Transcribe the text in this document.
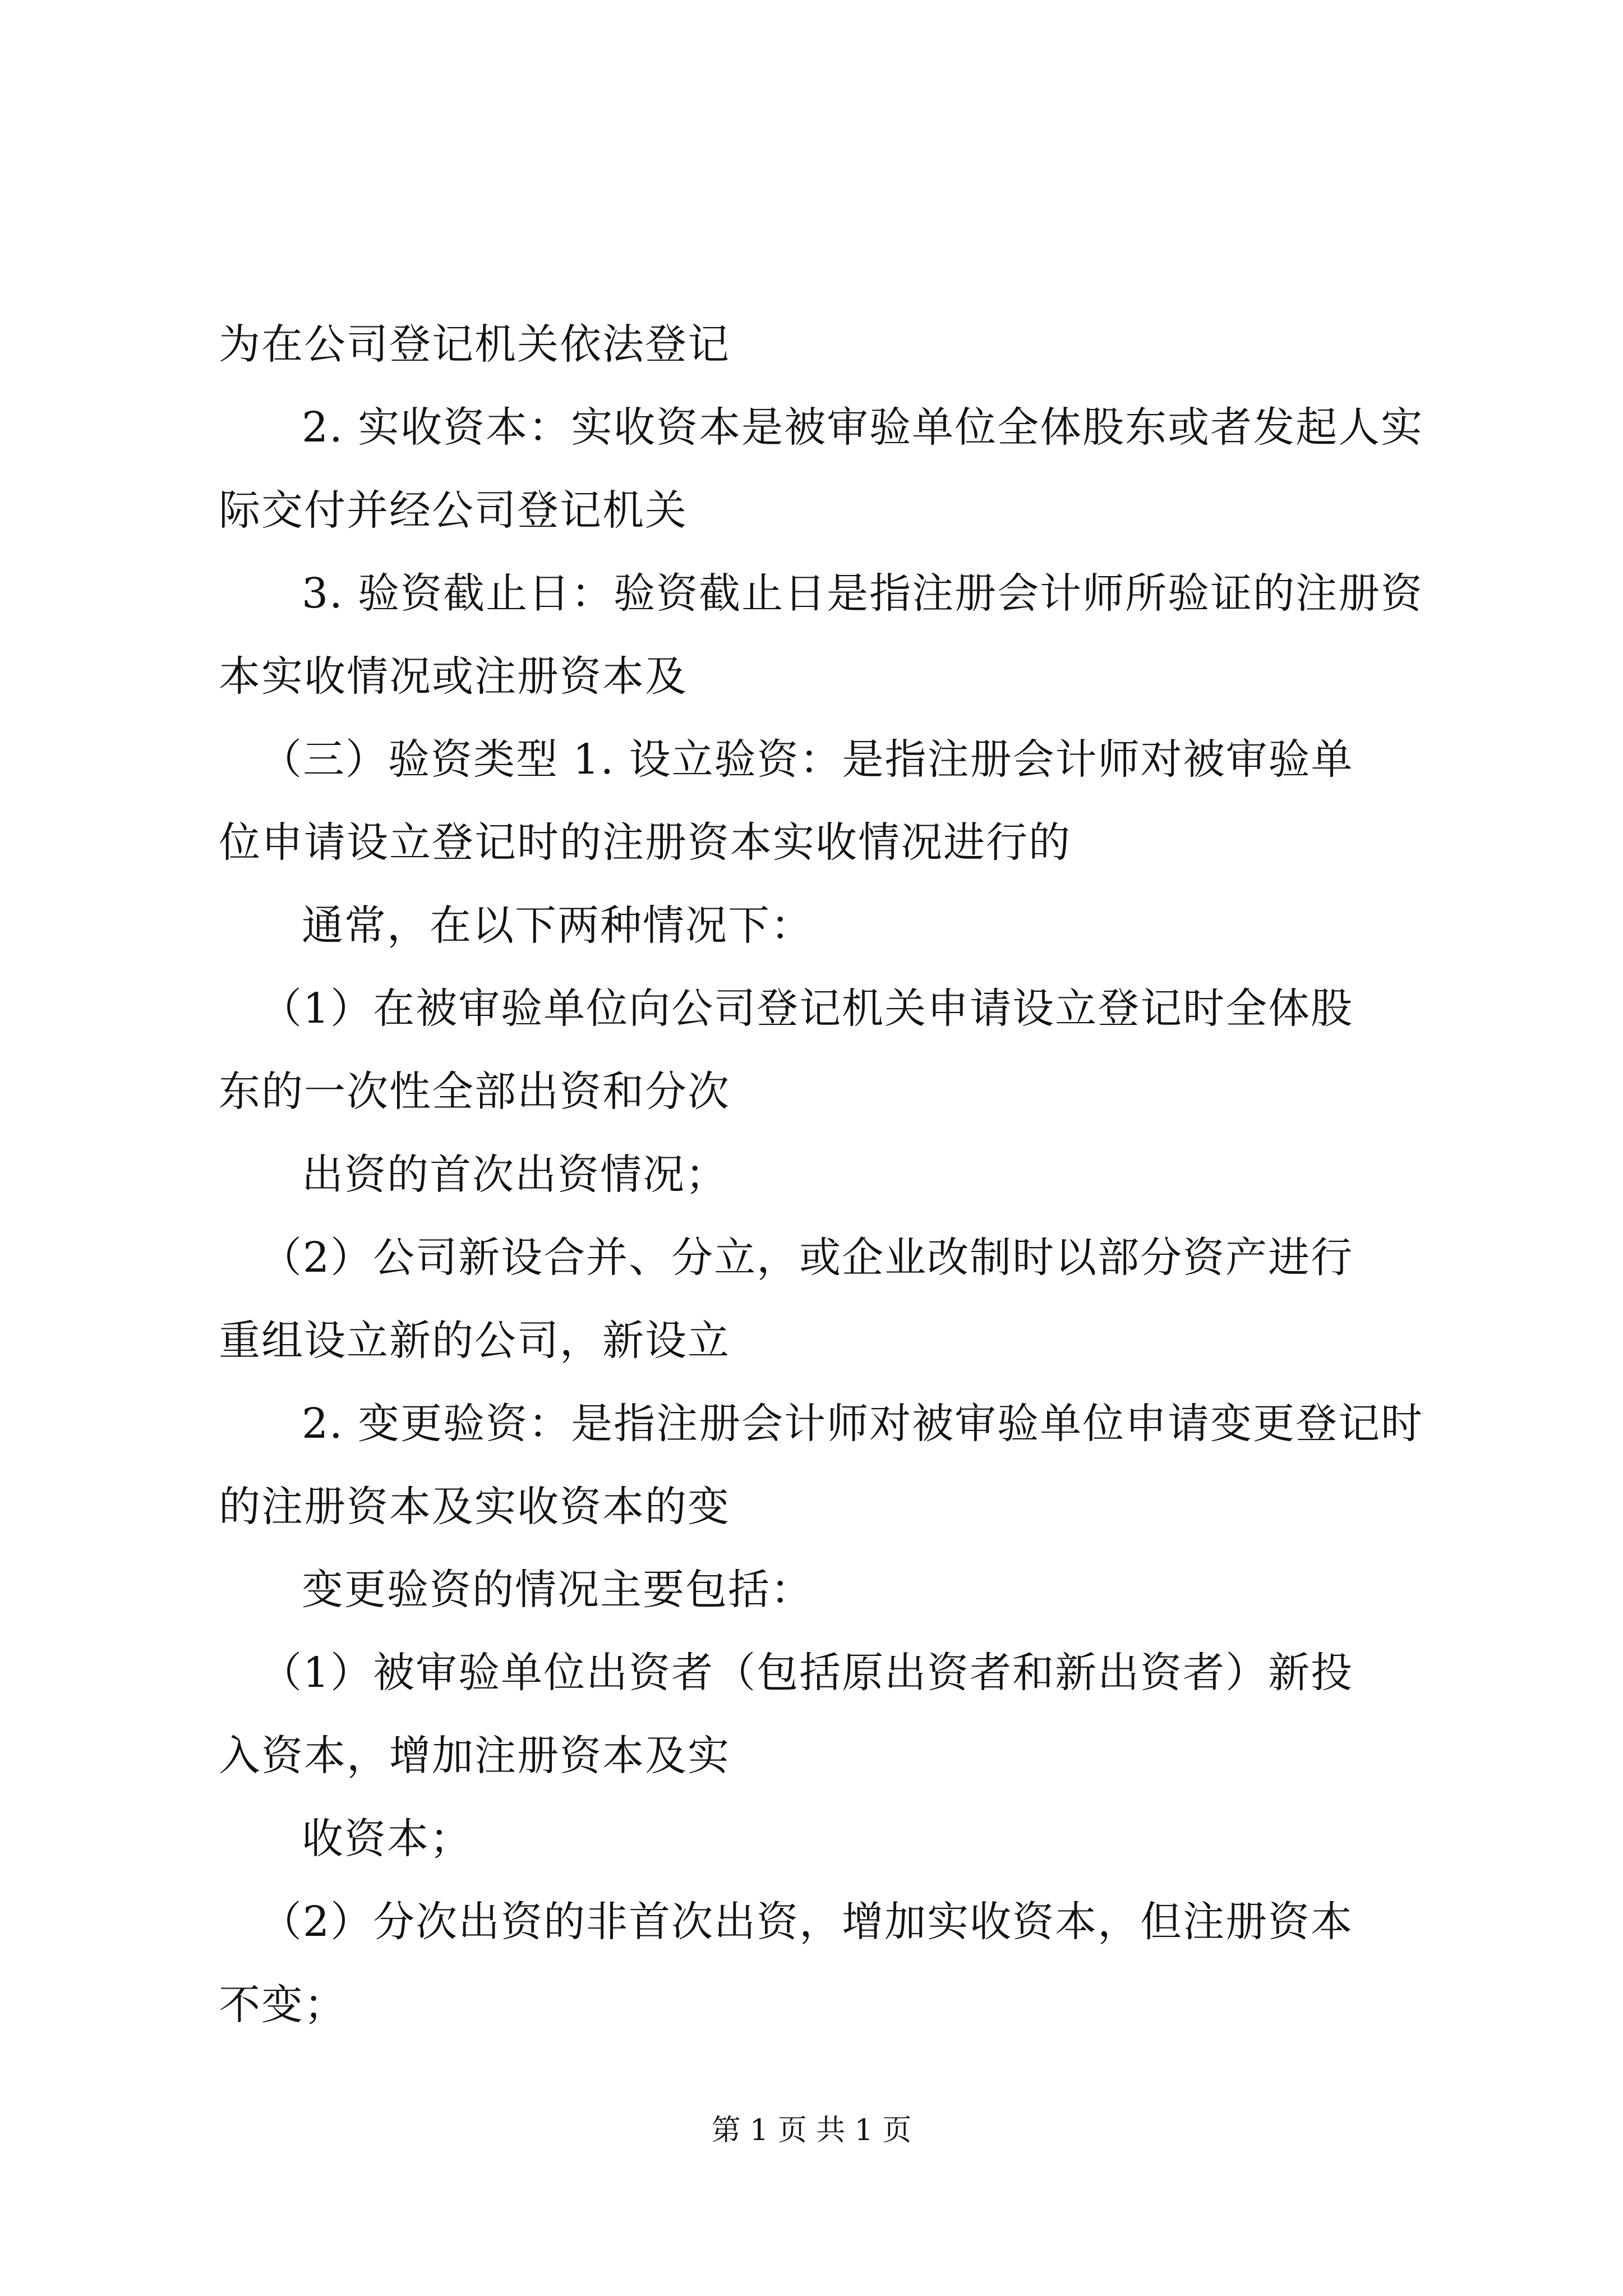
为在公司登记机关依法登记
2. 实收资本：实收资本是被审验单位全体股东或者发起人实
际交付并经公司登记机关
3. 验资截止日：验资截止日是指注册会计师所验证的注册资
本实收情况或注册资本及
（三）验资类型 1. 设立验资：是指注册会计师对被审验单
位申请设立登记时的注册资本实收情况进行的
通常，在以下两种情况下：
（1）在被审验单位向公司登记机关申请设立登记时全体股
东的一次性全部出资和分次
出资的首次出资情况；
（2）公司新设合并、分立，或企业改制时以部分资产进行
重组设立新的公司，新设立
2. 变更验资：是指注册会计师对被审验单位申请变更登记时
的注册资本及实收资本的变
变更验资的情况主要包括：
（1）被审验单位出资者（包括原出资者和新出资者）新投
入资本，增加注册资本及实
收资本；
（2）分次出资的非首次出资，增加实收资本，但注册资本
不变；
第 1 页 共 1 页
